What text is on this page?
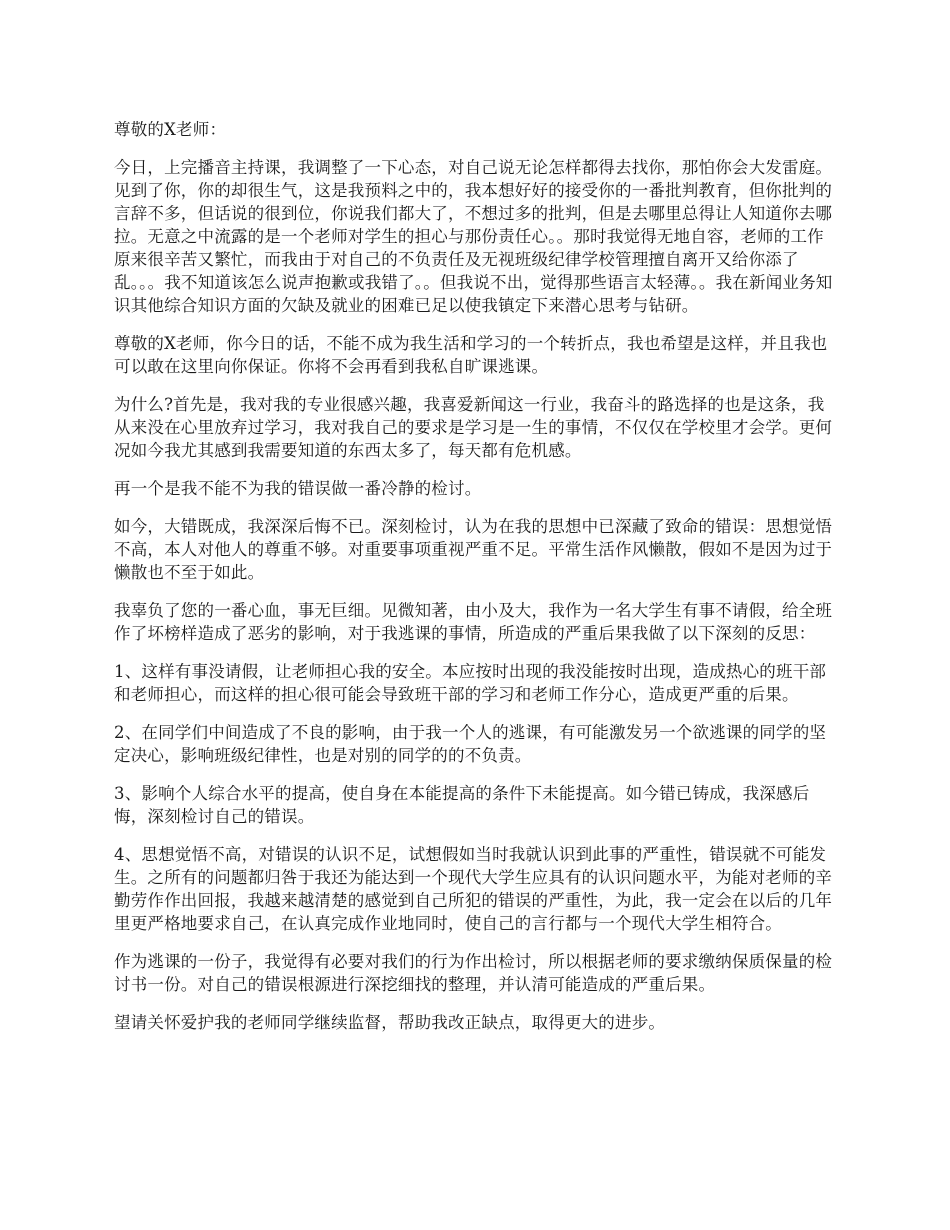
尊敬的X老师：

今日，上完播音主持课，我调整了一下心态，对自己说无论怎样都得去找你，那怕你会大发雷庭。见到了你，你的却很生气，这是我预料之中的，我本想好好的接受你的一番批判教育，但你批判的言辞不多，但话说的很到位，你说我们都大了，不想过多的批判，但是去哪里总得让人知道你去哪拉。无意之中流露的是一个老师对学生的担心与那份责任心。。那时我觉得无地自容，老师的工作原来很辛苦又繁忙，而我由于对自己的不负责任及无视班级纪律学校管理擅自离开又给你添了乱。。。我不知道该怎么说声抱歉或我错了。。但我说不出，觉得那些语言太轻薄。。我在新闻业务知识其他综合知识方面的欠缺及就业的困难已足以使我镇定下来潜心思考与钻研。

尊敬的X老师，你今日的话，不能不成为我生活和学习的一个转折点，我也希望是这样，并且我也可以敢在这里向你保证。你将不会再看到我私自旷课逃课。

为什么?首先是，我对我的专业很感兴趣，我喜爱新闻这一行业，我奋斗的路选择的也是这条，我从来没在心里放弃过学习，我对我自己的要求是学习是一生的事情，不仅仅在学校里才会学。更何况如今我尤其感到我需要知道的东西太多了，每天都有危机感。

再一个是我不能不为我的错误做一番冷静的检讨。

如今，大错既成，我深深后悔不已。深刻检讨，认为在我的思想中已深藏了致命的错误：思想觉悟不高，本人对他人的尊重不够。对重要事项重视严重不足。平常生活作风懒散，假如不是因为过于懒散也不至于如此。

我辜负了您的一番心血，事无巨细。见微知著，由小及大，我作为一名大学生有事不请假，给全班作了坏榜样造成了恶劣的影响，对于我逃课的事情，所造成的严重后果我做了以下深刻的反思：

1、这样有事没请假，让老师担心我的安全。本应按时出现的我没能按时出现，造成热心的班干部和老师担心，而这样的担心很可能会导致班干部的学习和老师工作分心，造成更严重的后果。

2、在同学们中间造成了不良的影响，由于我一个人的逃课，有可能激发另一个欲逃课的同学的坚定决心，影响班级纪律性，也是对别的同学的的不负责。

3、影响个人综合水平的提高，使自身在本能提高的条件下未能提高。如今错已铸成，我深感后悔，深刻检讨自己的错误。

4、思想觉悟不高，对错误的认识不足，试想假如当时我就认识到此事的严重性，错误就不可能发生。之所有的问题都归咎于我还为能达到一个现代大学生应具有的认识问题水平，为能对老师的辛勤劳作作出回报，我越来越清楚的感觉到自己所犯的错误的严重性，为此，我一定会在以后的几年里更严格地要求自己，在认真完成作业地同时，使自己的言行都与一个现代大学生相符合。

作为逃课的一份子，我觉得有必要对我们的行为作出检讨，所以根据老师的要求缴纳保质保量的检讨书一份。对自己的错误根源进行深挖细找的整理，并认清可能造成的严重后果。

望请关怀爱护我的老师同学继续监督，帮助我改正缺点，取得更大的进步。
